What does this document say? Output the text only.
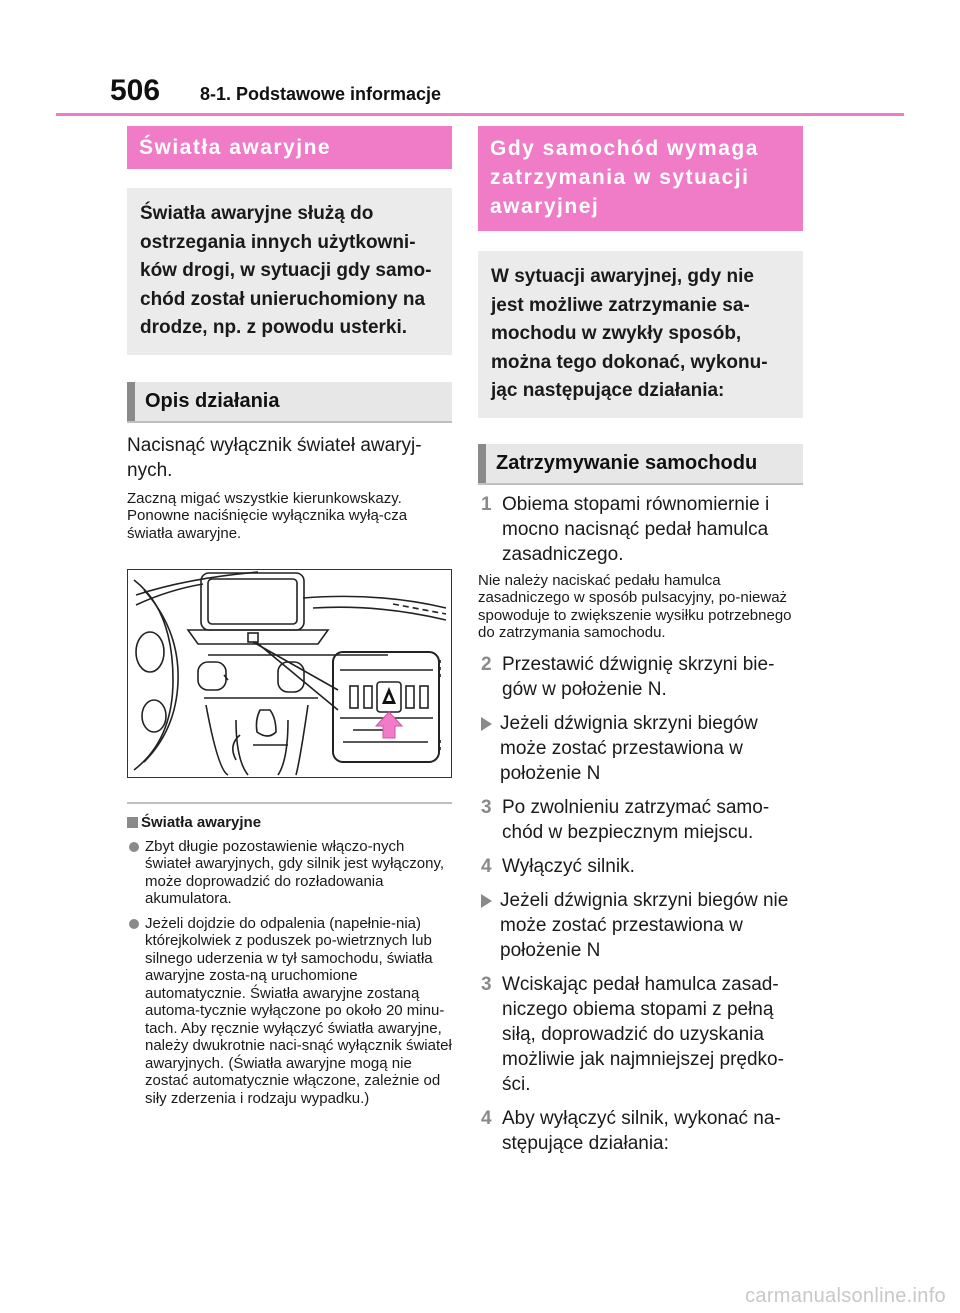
506 8-1. Podstawowe informacje
Światła awaryjne
Światła awaryjne służą do ostrzegania innych użytkowni-ków drogi, w sytuacji gdy samo-chód został unieruchomiony na drodze, np. z powodu usterki.
Opis działania
Nacisnąć wyłącznik świateł awaryj-nych.
Zaczną migać wszystkie kierunkowskazy. Ponowne naciśnięcie wyłącznika wyłą-cza światła awaryjne.
Światła awaryjne
Zbyt długie pozostawienie włączo-nych świateł awaryjnych, gdy silnik jest wyłączony, może doprowadzić do rozładowania akumulatora.
Jeżeli dojdzie do odpalenia (napełnie-nia) którejkolwiek z poduszek po-wietrznych lub silnego uderzenia w tył samochodu, światła awaryjne zosta-ną uruchomione automatycznie. Światła awaryjne zostaną automa-tycznie wyłączone po około 20 minu-tach. Aby ręcznie wyłączyć światła awaryjne, należy dwukrotnie naci-snąć wyłącznik świateł awaryjnych. (Światła awaryjne mogą nie zostać automatycznie włączone, zależnie od siły zderzenia i rodzaju wypadku.)
Gdy samochód wymaga zatrzymania w sytuacji awaryjnej
W sytuacji awaryjnej, gdy nie jest możliwe zatrzymanie sa-mochodu w zwykły sposób, można tego dokonać, wykonu-jąc następujące działania:
Zatrzymywanie samochodu
1 Obiema stopami równomiernie i mocno nacisnąć pedał hamulca zasadniczego.
Nie należy naciskać pedału hamulca zasadniczego w sposób pulsacyjny, po-nieważ spowoduje to zwiększenie wysiłku potrzebnego do zatrzymania samochodu.
2 Przestawić dźwignię skrzyni bie-gów w położenie N.
Jeżeli dźwignia skrzyni biegów może zostać przestawiona w położenie N
3 Po zwolnieniu zatrzymać samo-chód w bezpiecznym miejscu.
4 Wyłączyć silnik.
Jeżeli dźwignia skrzyni biegów nie może zostać przestawiona w położenie N
3 Wciskając pedał hamulca zasad-niczego obiema stopami z pełną siłą, doprowadzić do uzyskania możliwie jak najmniejszej prędko-ści.
4 Aby wyłączyć silnik, wykonać na-stępujące działania:
carmanualsonline.info
